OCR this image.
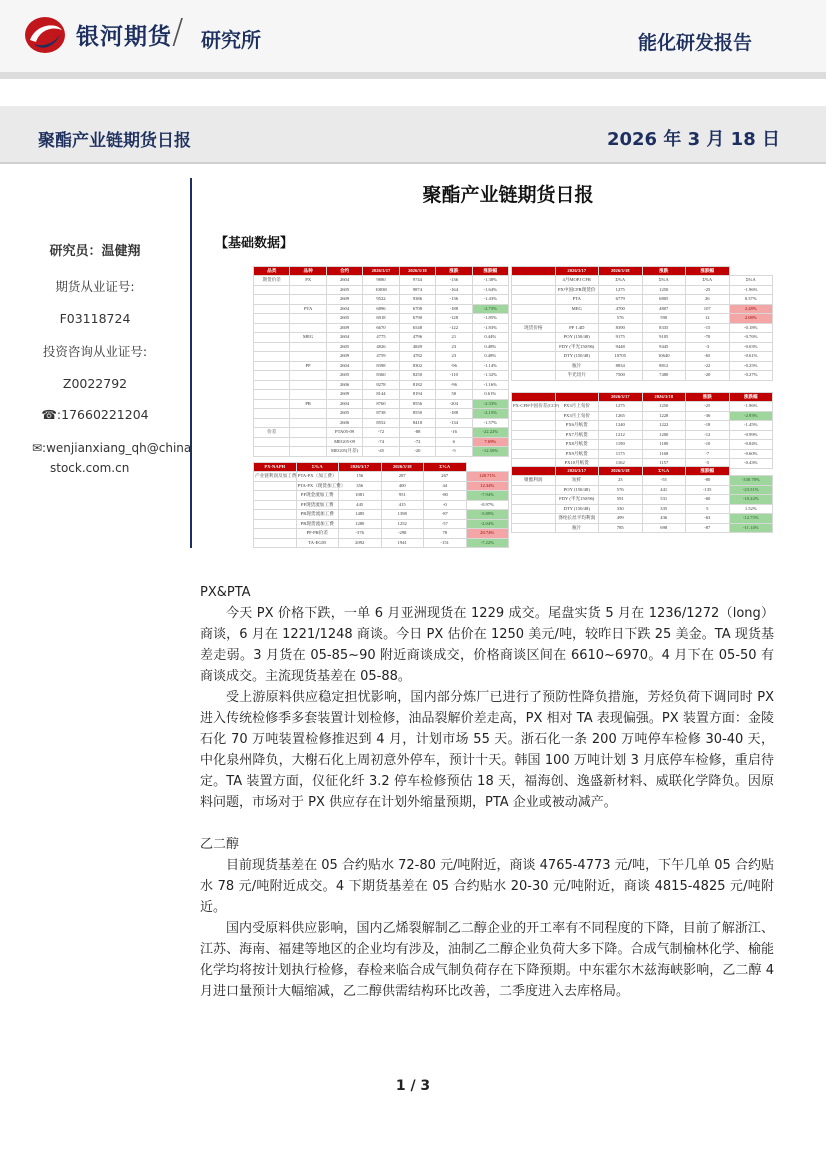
银河期货 / 研究所	能化研发报告
聚酯产业链期货日报	2026 年 3 月 18 日
研究员：温健翔
期货从业证号:
F03118724
投资咨询从业证号:
Z0022792
☎:17660221204
✉:wenjianxiang_qh@china
stock.com.cn
聚酯产业链期货日报
【基础数据】
品类	品种	合约	2026/3/17	2026/3/18	涨跌	涨跌幅
期货价差	PX	2604	9880	9744	-136	-1.38%
		2605	10038	9874	-164	-1.64%
		2609	9522	9386	-136	-1.43%
	PTA	2604	6896	6708	-188	-2.73%
		2605	6918	6790	-128	-1.85%
		2609	6670	6548	-122	-1.83%
	MEG	2604	4775	4796	21	0.44%
		2605	4826	4849	23	0.48%
		2609	4759	4782	23	0.48%
	PF	2604	8398	8302	-96	-1.14%
		2605	8360	8250	-110	-1.32%
		2606	8278	8182	-96	-1.16%
		2609	8144	8194	50	0.61%
	PR	2604	8760	8556	-204	-2.33%
		2605	8738	8550	-188	-2.15%
		2606	8552	8418	-134	-1.57%
价差		PTA05-09	-72	-88	-16	-22.22%
		MEG05-09	-74	-72	6	7.69%
		MEG05(月差)	-45	-20	-5	-12.50%
	2026/3/17	2026/3/18	涨跌	涨跌幅	
	4月MOPJ CFR	Σ%A	Σ%A	Σ%A	Σ%A
	PX中国CFR现货价	1275	1250	-25	-1.96%
	PTA	6779	6805	26	0.37%
	MEG	4700	4807	107	2.28%
		576	590	12	2.08%
现货价格	PF 1.4D	8390	8335	-15	-0.18%
	POY (150/48)	9175	9105	-70	-0.76%
	FDY (半光150/96)	9448	9445	-3	-0.03%
	DTY (150/48)	10705	10640	-65	-0.61%
	瓶片	8834	8812	-22	-0.25%
	半光切片	7500	7480	-20	-0.27%
		2026/3/17	2026/3/18	涨跌	涨跌幅
PX-CFR中国价差(CCF)	PX3月上旬价	1275	1250	-25	-1.96%
	PX3月上旬价	1265	1228	-36	-2.93%
	PX6月纸货	1240	1222	-18	-1.45%
	PX7月纸货	1212	1200	-12	-0.99%
	PX8月纸货	1190	1180	-10	-0.84%
	PX9月纸货	1175	1168	-7	-0.60%
	PX10月纸货	1162	1157	-5	-0.43%
PX-NAPH	Σ%A	2026/3/17	2026/3/18	Σ%A	
产业链利润及加工费	PTA-PX（加工费）	156	287	267	128.71%
	PTA-PX（现货加工费）	356	400	44	12.34%
	PF现金流加工费	1081	951	-80	-7.94%
	PF现货流加工费	445	415	-0	-0.97%
	PR现货流加工费	1485	1398	-87	-5.89%
	PR现货流加工费	1280	1252	-57	-2.04%
	PF-PR价差	-376	-298	78	20.74%
	TA-EG05	2092	1941	-151	-7.22%
	2026/3/17	2026/3/18	Σ%A	涨跌幅	
聚酯利润	短纤	23	-55	-80	-338.78%
	POY (150/48)	576	441	-135	-23.51%
	FDY (半光150/96)	591	531	-60	-10.22%
	DTY (150/48)	330	335	5	1.52%
	涤纶长丝平均利润	499	436	-63	-12.75%
	瓶片	785	698	-87	-11.14%
PX&PTA

今天 PX 价格下跌，一单 6 月亚洲现货在 1229 成交。尾盘实货 5 月在 1236/1272（long）商谈，6 月在 1221/1248 商谈。今日 PX 估价在 1250 美元/吨，较昨日下跌 25 美金。TA 现货基差走弱。3 月货在 05-85~90 附近商谈成交，价格商谈区间在 6610~6970。4 月下在 05-50 有商谈成交。主流现货基差在 05-88。

受上游原料供应稳定担忧影响，国内部分炼厂已进行了预防性降负措施，芳烃负荷下调同时 PX 进入传统检修季多套装置计划检修，油品裂解价差走高，PX 相对 TA 表现偏强。PX 装置方面：金陵石化 70 万吨装置检修推迟到 4 月，计划市场 55 天。浙石化一条 200 万吨停车检修 30-40 天，中化泉州降负，大榭石化上周初意外停车，预计十天。韩国 100 万吨计划 3 月底停车检修，重启待定。TA 装置方面，仪征化纤 3.2 停车检修预估 18 天，福海创、逸盛新材料、威联化学降负。因原料问题，市场对于 PX 供应存在计划外缩量预期，PTA 企业或被动减产。

乙二醇

目前现货基差在 05 合约贴水 72-80 元/吨附近，商谈 4765-4773 元/吨，下午几单 05 合约贴水 78 元/吨附近成交。4 下期货基差在 05 合约贴水 20-30 元/吨附近，商谈 4815-4825 元/吨附近。

国内受原料供应影响，国内乙烯裂解制乙二醇企业的开工率有不同程度的下降，目前了解浙江、江苏、海南、福建等地区的企业均有涉及，油制乙二醇企业负荷大多下降。合成气制榆林化学、榆能化学均将按计划执行检修，春检来临合成气制负荷存在下降预期。中东霍尔木兹海峡影响，乙二醇 4 月进口量预计大幅缩减，乙二醇供需结构环比改善，二季度进入去库格局。

1 / 3
